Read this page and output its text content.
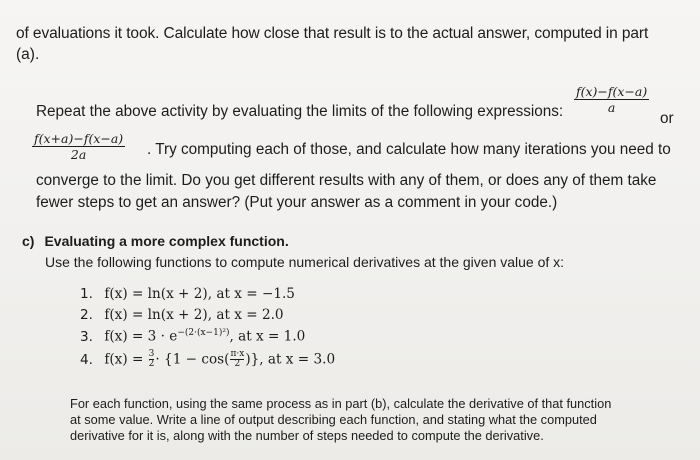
of evaluations it took. Calculate how close that result is to the actual answer, computed in part
(a).
Repeat the above activity by evaluating the limits of the following expressions: $\frac{f(x)-f(x-a)}{a}$
or
$\frac{f(x+a)-f(x-a)}{2a}$ . Try computing each of those, and calculate how many iterations you need to
converge to the limit. Do you get different results with any of them, or does any of them take
fewer steps to get an answer? (Put your answer as a comment in your code.)
c) Evaluating a more complex function.
Use the following functions to compute numerical derivatives at the given value of x:
1. f(x) = ln(x + 2), at x = −1.5
2. f(x) = ln(x + 2), at x = 2.0
3. $f(x) = 3 \cdot e^{-(2\cdot(x-1)^2)}$, at x = 1.0
4. $f(x) = \frac{3}{2} \cdot \{1 - \cos( \frac{\pi\cdot x}{2}$ )}, at x = 3.0
For each function, using the same process as in part (b), calculate the derivative of that function
at some value. Write a line of output describing each function, and stating what the computed
derivative for it is, along with the number of steps needed to compute the derivative.
